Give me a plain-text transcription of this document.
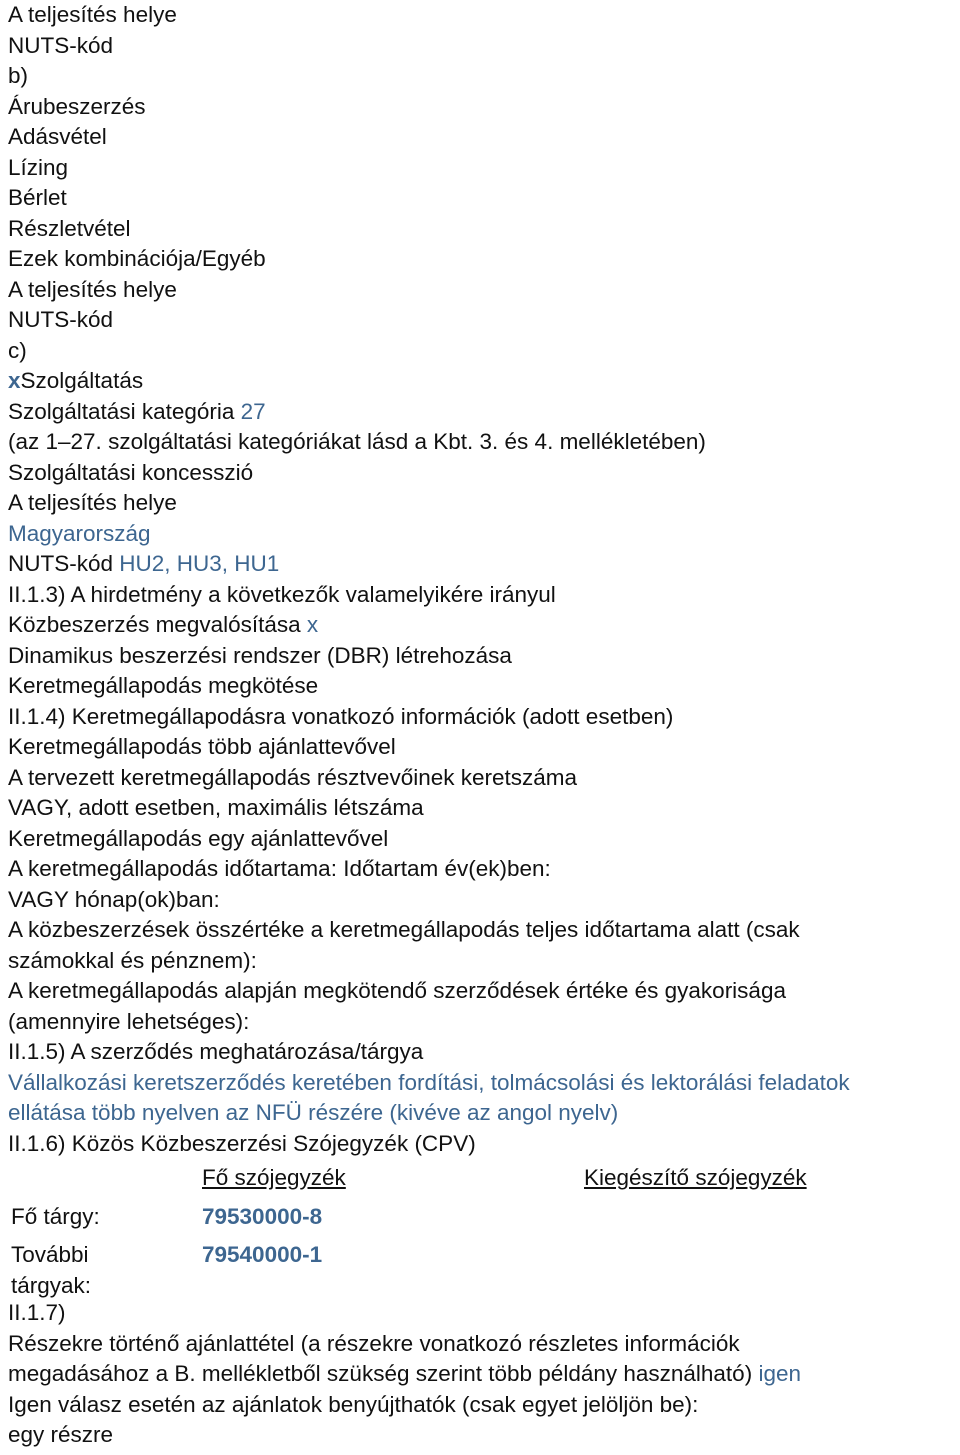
A teljesítés helye
NUTS-kód
b)
Árubeszerzés
Adásvétel
Lízing
Bérlet
Részletvétel
Ezek kombinációja/Egyéb
A teljesítés helye
NUTS-kód
c)
xSzolgáltatás
Szolgáltatási kategória 27
(az 1–27. szolgáltatási kategóriákat lásd a Kbt. 3. és 4. mellékletében)
Szolgáltatási koncesszió
A teljesítés helye
Magyarország
NUTS-kód HU2, HU3, HU1
II.1.3) A hirdetmény a következők valamelyikére irányul
Közbeszerzés megvalósítása x
Dinamikus beszerzési rendszer (DBR) létrehozása
Keretmegállapodás megkötése
II.1.4) Keretmegállapodásra vonatkozó információk (adott esetben)
Keretmegállapodás több ajánlattevővel
A tervezett keretmegállapodás résztvevőinek keretszáma
VAGY, adott esetben, maximális létszáma
Keretmegállapodás egy ajánlattevővel
A keretmegállapodás időtartama: Időtartam év(ek)ben:
VAGY hónap(ok)ban:
A közbeszerzések összértéke a keretmegállapodás teljes időtartama alatt (csak
számokkal és pénznem):
A keretmegállapodás alapján megkötendő szerződések értéke és gyakorisága
(amennyire lehetséges):
II.1.5) A szerződés meghatározása/tárgya
Vállalkozási keretszerződés keretében fordítási, tolmácsolási és lektorálási feladatok
ellátása több nyelven az NFÜ részére (kivéve az angol nyelv)
II.1.6) Közös Közbeszerzési Szójegyzék (CPV)
Fő szójegyzék	Kiegészítő szójegyzék
Fő tárgy:	79530000-8
További
tárgyak:
79540000-1
II.1.7)
Részekre történő ajánlattétel (a részekre vonatkozó részletes információk
megadásához a B. mellékletből szükség szerint több példány használható) igen
Igen válasz esetén az ajánlatok benyújthatók (csak egyet jelöljön be):
egy részre
